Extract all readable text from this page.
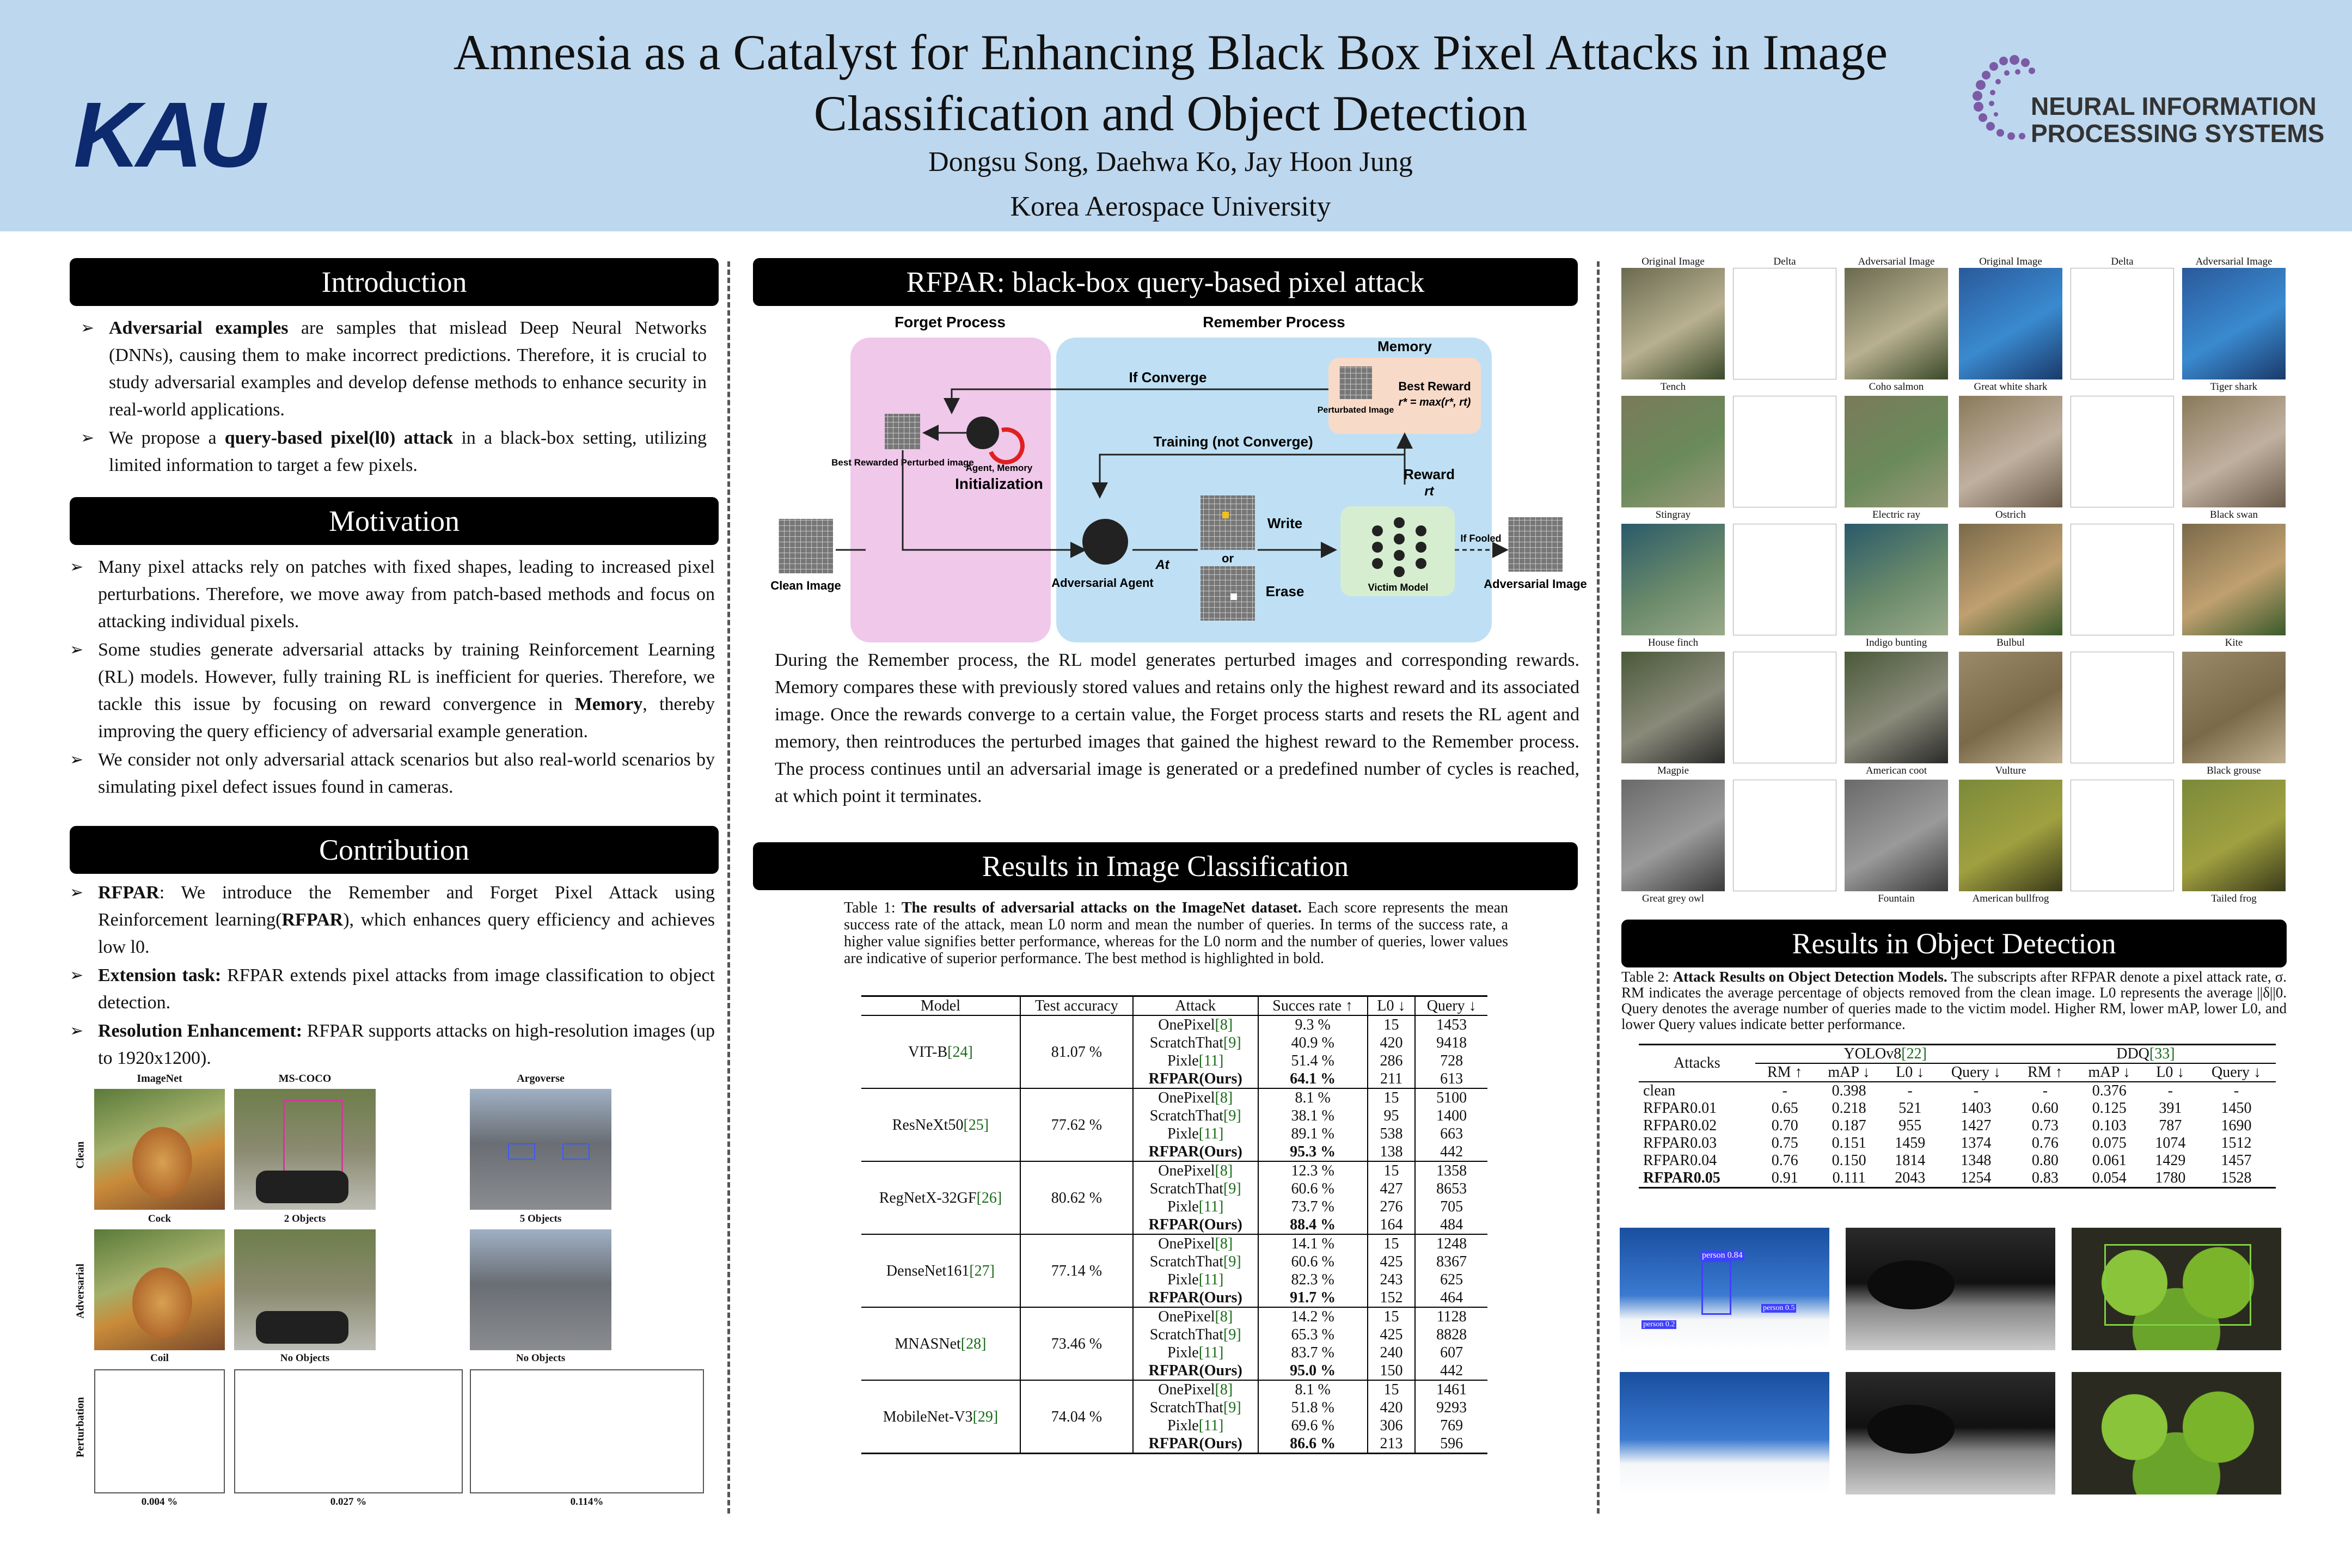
KAU
Amnesia as a Catalyst for Enhancing Black Box Pixel Attacks in Image
Classification and Object Detection
Dongsu Song, Daehwa Ko, Jay Hoon Jung
Korea Aerospace University
NEURAL INFORMATION
PROCESSING SYSTEMS
Introduction
➢ Adversarial examples are samples that mislead Deep Neural Networks (DNNs), causing them to make incorrect predictions. Therefore, it is crucial to study adversarial examples and develop defense methods to enhance security in real-world applications.
➢ We propose a query-based pixel(l0) attack in a black-box setting, utilizing limited information to target a few pixels.
Motivation
➢ Many pixel attacks rely on patches with fixed shapes, leading to increased pixel perturbations. Therefore, we move away from patch-based methods and focus on attacking individual pixels.
➢ Some studies generate adversarial attacks by training Reinforcement Learning (RL) models. However, fully training RL is inefficient for queries. Therefore, we tackle this issue by focusing on reward convergence in Memory, thereby improving the query efficiency of adversarial example generation.
➢ We consider not only adversarial attack scenarios but also real-world scenarios by simulating pixel defect issues found in cameras.
Contribution
➢ RFPAR: We introduce the Remember and Forget Pixel Attack using Reinforcement learning(RFPAR), which enhances query efficiency and achieves low l0.
➢ Extension task: RFPAR extends pixel attacks from image classification to object detection.
➢ Resolution Enhancement: RFPAR supports attacks on high-resolution images (up to 1920x1200).
ImageNet	MS-COCO	Argoverse
Clean
Adversarial
Perturbation
Cock	2 Objects	5 Objects
Coil	No Objects	No Objects
0.004 %	0.027 %	0.114%
RFPAR: black-box query-based pixel attack
Forget Process	Remember Process
Memory
Perturbated Image
Best Reward
r* = max(r*, rt)
If Converge
Training (not Converge)
Reward
rt
Best Rewarded Perturbed image
Agent, Memory
Initialization
Clean Image	Adversarial Agent
At	or
Write
Erase	Victim Model
If Fooled
Adversarial Image
During the Remember process, the RL model generates perturbed images and corresponding rewards. Memory compares these with previously stored values and retains only the highest reward and its associated image. Once the rewards converge to a certain value, the Forget process starts and resets the RL agent and memory, then reintroduces the perturbed images that gained the highest reward to the Remember process. The process continues until an adversarial image is generated or a predefined number of cycles is reached, at which point it terminates.
Results in Image Classification
Table 1: The results of adversarial attacks on the ImageNet dataset. Each score represents the mean success rate of the attack, mean L0 norm and mean the number of queries. In terms of the success rate, a higher value signifies better performance, whereas for the L0 norm and the number of queries, lower values are indicative of superior performance. The best method is highlighted in bold.
Model	Test accuracy	Attack	Succes rate ↑	L0 ↓	Query ↓
VIT-B[24]	81.07 %	OnePixel[8]	9.3 %	15	1453
		ScratchThat[9]	40.9 %	420	9418
		Pixle[11]	51.4 %	286	728
		RFPAR(Ours)	64.1 %	211	613
ResNeXt50[25]	77.62 %	OnePixel[8]	8.1 %	15	5100
		ScratchThat[9]	38.1 %	95	1400
		Pixle[11]	89.1 %	538	663
		RFPAR(Ours)	95.3 %	138	442
RegNetX-32GF[26]	80.62 %	OnePixel[8]	12.3 %	15	1358
		ScratchThat[9]	60.6 %	427	8653
		Pixle[11]	73.7 %	276	705
		RFPAR(Ours)	88.4 %	164	484
DenseNet161[27]	77.14 %	OnePixel[8]	14.1 %	15	1248
		ScratchThat[9]	60.6 %	425	8367
		Pixle[11]	82.3 %	243	625
		RFPAR(Ours)	91.7 %	152	464
MNASNet[28]	73.46 %	OnePixel[8]	14.2 %	15	1128
		ScratchThat[9]	65.3 %	425	8828
		Pixle[11]	83.7 %	240	607
		RFPAR(Ours)	95.0 %	150	442
MobileNet-V3[29]	74.04 %	OnePixel[8]	8.1 %	15	1461
		ScratchThat[9]	51.8 %	420	9293
		Pixle[11]	69.6 %	306	769
		RFPAR(Ours)	86.6 %	213	596
Original Image	Delta	Adversarial Image	Original Image	Delta	Adversarial Image
Tench	Coho salmon	Great white shark	Tiger shark
Stingray	Electric ray	Ostrich	Black swan
House finch	Indigo bunting	Bulbul	Kite
Magpie	American coot	Vulture	Black grouse
Great grey owl	Fountain	American bullfrog	Tailed frog
Results in Object Detection
Table 2: Attack Results on Object Detection Models. The subscripts after RFPAR denote a pixel attack rate, σ. RM indicates the average percentage of objects removed from the clean image. L0 represents the average ||δ||0. Query denotes the average number of queries made to the victim model. Higher RM, lower mAP, lower L0, and lower Query values indicate better performance.
Attacks	YOLOv8[22]				DDQ[33]			
	RM ↑	mAP ↓	L0 ↓	Query ↓	RM ↑	mAP ↓	L0 ↓	Query ↓
clean	-	0.398	-	-	-	0.376	-	-
RFPAR0.01	0.65	0.218	521	1403	0.60	0.125	391	1450
RFPAR0.02	0.70	0.187	955	1427	0.73	0.103	787	1690
RFPAR0.03	0.75	0.151	1459	1374	0.76	0.075	1074	1512
RFPAR0.04	0.76	0.150	1814	1348	0.80	0.061	1429	1457
RFPAR0.05	0.91	0.111	2043	1254	0.83	0.054	1780	1528
person 0.84
person 0.5
person 0.2
